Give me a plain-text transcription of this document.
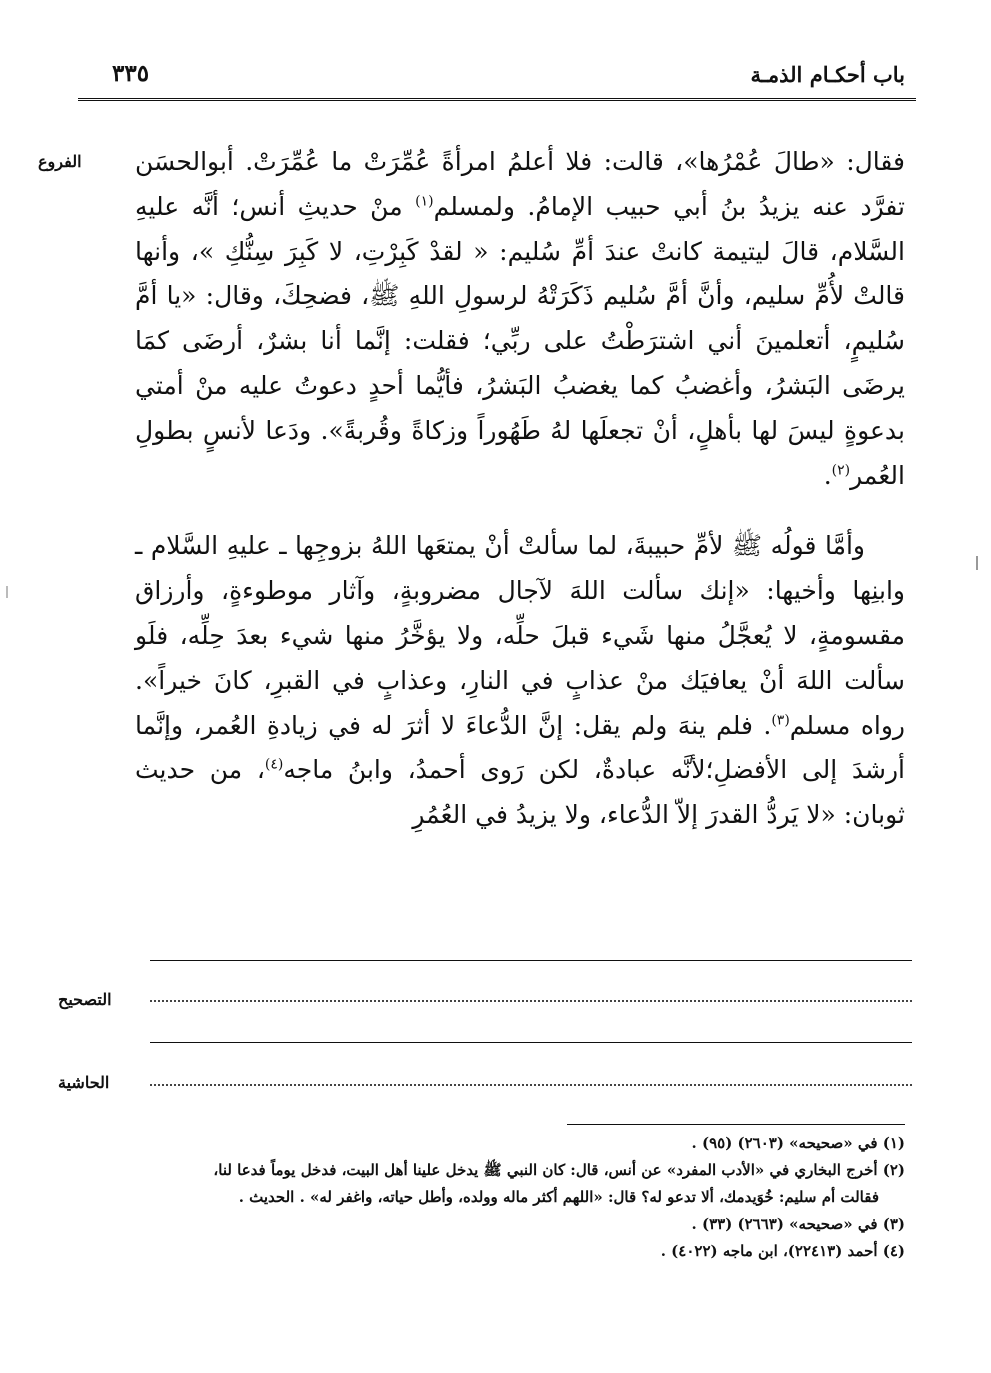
باب أحكـام الذمـة
٣٣٥
الفروع فقال: «طالَ عُمْرُها»، قالت: فلا أعلمُ امرأةً عُمِّرَتْ ما عُمِّرَتْ. أبوالحسَن تفرَّد عنه يزيدُ بنُ أبي حبيب الإمامُ. ولمسلم$^{(١)}$ منْ حديثِ أنس؛ أنَّه عليهِ السَّلام، قالَ ليتيمة كانتْ عندَ أمِّ سُليم: « لقدْ كَبِرْتِ، لا كَبِرَ سِنُّكِ »، وأنها قالتْ لأُمِّ سليم، وأنَّ أمَّ سُليم ذَكَرَتْهُ لرسولِ اللهِ ﷺ، فضحِكَ، وقال: «يا أمَّ سُليمٍ، أتعلمينَ أني اشترَطْتُ على ربِّي؛ فقلت: إنَّما أنا بشرٌ، أرضَى كمَا يرضَى البَشرُ، وأغضبُ كما يغضبُ البَشرُ، فأيُّما أحدٍ دعوتُ عليه منْ أمتي بدعوةٍ ليسَ لها بأهلٍ، أنْ تجعلَها لهُ طَهُوراً وزكاةً وقُربةً». ودَعا لأنسٍ بطولِ العُمر$^{(٢)}$.

وأمَّا قولُه ﷺ لأمِّ حبيبةَ، لما سألتْ أنْ يمتعَها اللهُ بزوجِها ـ عليهِ السَّلام ـ وابنِها وأخيها: «إنك سألت اللهَ لآجال مضروبةٍ، وآثار موطوءةٍ، وأرزاق مقسومةٍ، لا يُعجَّلُ منها شَيء قبلَ حلِّه، ولا يؤخَّرُ منها شيء بعدَ حِلِّه، فلَو سألت اللهَ أنْ يعافيَك منْ عذابٍ في النارِ، وعذابٍ في القبرِ، كانَ خيراً». رواه مسلم$^{(٣)}$. فلم ينهَ ولم يقل: إنَّ الدُّعاءَ لا أثرَ له في زيادةِ العُمر، وإنَّما أرشدَ إلى الأفضلِ؛لأنَّه عبادةٌ، لكن رَوى أحمدُ، وابنُ ماجه$^{(٤)}$، من حديث ثوبان: «لا يَردُّ القدرَ إلاّ الدُّعاء، ولا يزيدُ في العُمُرِ

التصحيح
الحاشية
(١) في «صحيحه» (٢٦٠٣) (٩٥) .
(٢) أخرج البخاري في «الأدب المفرد» عن أنس، قال: كان النبي ﷺ يدخل علينا أهل البيت، فدخل يوماً فدعا لنا،
فقالت أم سليم: خُوَيدمك، ألا تدعو له؟ قال: «اللهم أكثر ماله وولده، وأطل حياته، واغفر له» . الحديث .
(٣) في «صحيحه» (٢٦٦٣) (٣٣) .
(٤) أحمد (٢٢٤١٣)، ابن ماجه (٤٠٢٢) .
